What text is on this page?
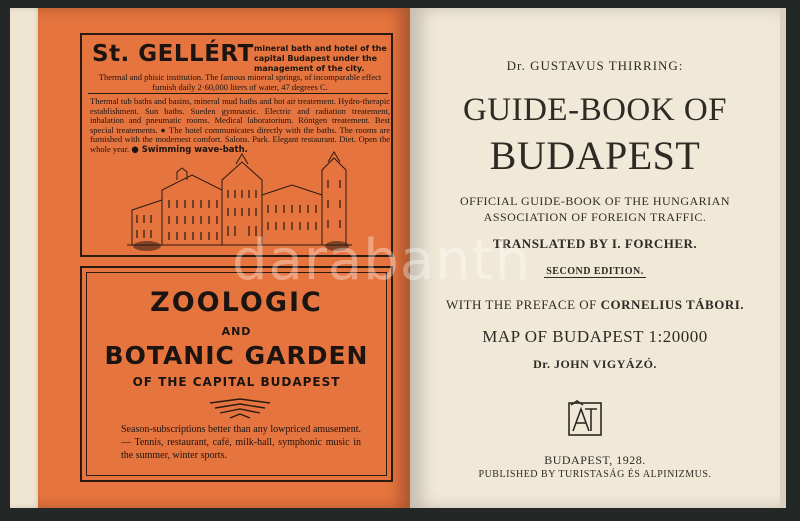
St. GELLÉRT mineral bath and hotel of the capital Budapest under the management of the city.
Thermal and phisic institution. The famous mineral springs, of incomparable effect furnish daily 2·60,000 liters of water, 47 degrees C.
Thermal tub baths and basins, mineral mud baths and hot air treatement. Hydro-therapic establishment. Sun baths. Sueden gymnastic. Electric and radiation treatement, inhalation and pneumatic rooms. Medical laboratorium. Röntgen treatement. Best special treatements. ● The hotel communicates directly with the baths. The rooms are furnished with the modernest comfort. Salons. Park. Elegant restaurant. Diet. Open the whole year. ● Swimming wave-bath.
ZOOLOGIC
AND
BOTANIC GARDEN
OF THE CAPITAL BUDAPEST
Season-subscriptions better than any lowpriced amusement. — Tennis, restaurant, café, milk-hall, symphonic music in the summer, winter sports.
Dr. GUSTAVUS THIRRING:
GUIDE-BOOK OF
BUDAPEST
OFFICIAL GUIDE-BOOK OF THE HUNGARIAN
ASSOCIATION OF FOREIGN TRAFFIC.
TRANSLATED BY I. FORCHER.
SECOND EDITION.
WITH THE PREFACE OF CORNELIUS TÁBORI.
MAP OF BUDAPEST 1:20000
Dr. JOHN VIGYÁZÓ.
BUDAPEST, 1928.
PUBLISHED BY TURISTASÁG ÉS ALPINIZMUS.
darabanth
